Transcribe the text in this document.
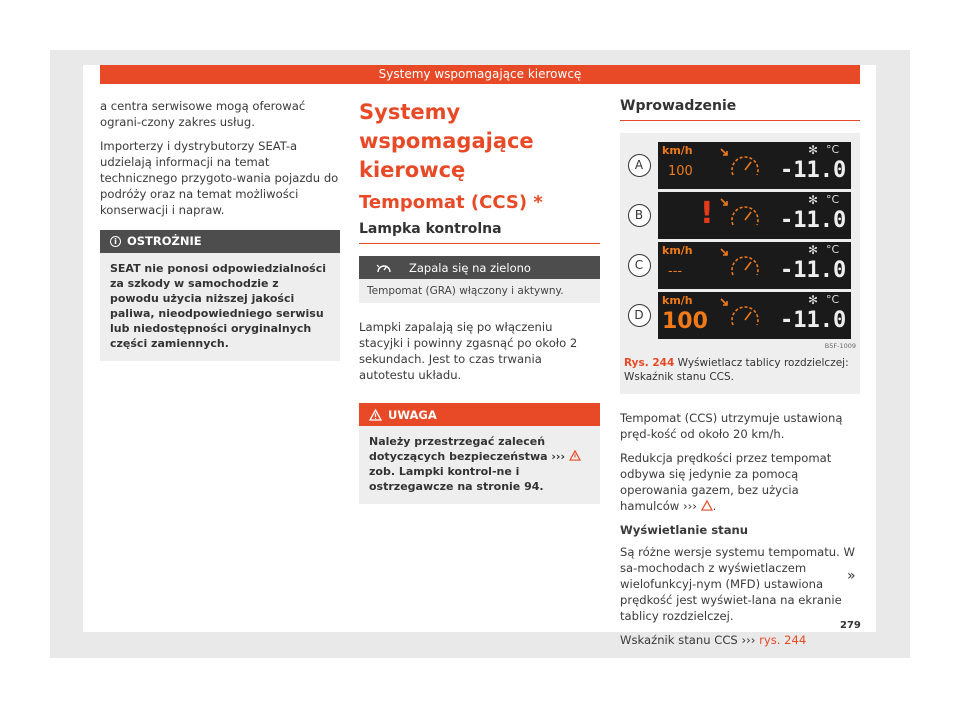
Systemy wspomagające kierowcę

a centra serwisowe mogą oferować ograni-czony zakres usług.

Importerzy i dystrybutorzy SEAT-a udzielają informacji na temat technicznego przygoto-wania pojazdu do podróży oraz na temat możliwości konserwacji i napraw.

i OSTROŻNIE
SEAT nie ponosi odpowiedzialności za szkody w samochodzie z powodu użycia niższej jakości paliwa, nieodpowiedniego serwisu lub niedostępności oryginalnych części zamiennych.
Systemy wspomagające kierowcę
Tempomat (CCS) *
Lampka kontrolna
Zapala się na zielono
Tempomat (GRA) włączony i aktywny.

Lampki zapalają się po włączeniu stacyjki i powinny zgasnąć po około 2 sekundach. Jest to czas trwania autotestu układu.

UWAGA
Należy przestrzegać zaleceń dotyczących bezpieczeństwa ›››  zob. Lampki kontrol-ne i ostrzegawcze na stronie 94.
Wprowadzenie
A
km/h
100
✻ °C
-11.0
B !	✻ °C
-11.0
C
km/h
---
✻ °C
-11.0
D
km/h
100
✻ °C
-11.0
B5F-1009
Rys. 244 Wyświetlacz tablicy rozdzielczej: Wskaźnik stanu CCS.

Tempomat (CCS) utrzymuje ustawioną pręd-kość od około 20 km/h.

Redukcja prędkości przez tempomat odbywa się jedynie za pomocą operowania gazem, bez użycia hamulców ››› .

Wyświetlanie stanu

Są różne wersje systemu tempomatu. W sa-mochodach z wyświetlaczem wielofunkcyj-nym (MFD) ustawiona prędkość jest wyświet-lana na ekranie tablicy rozdzielczej.

Wskaźnik stanu CCS ››› rys. 244

»
279
